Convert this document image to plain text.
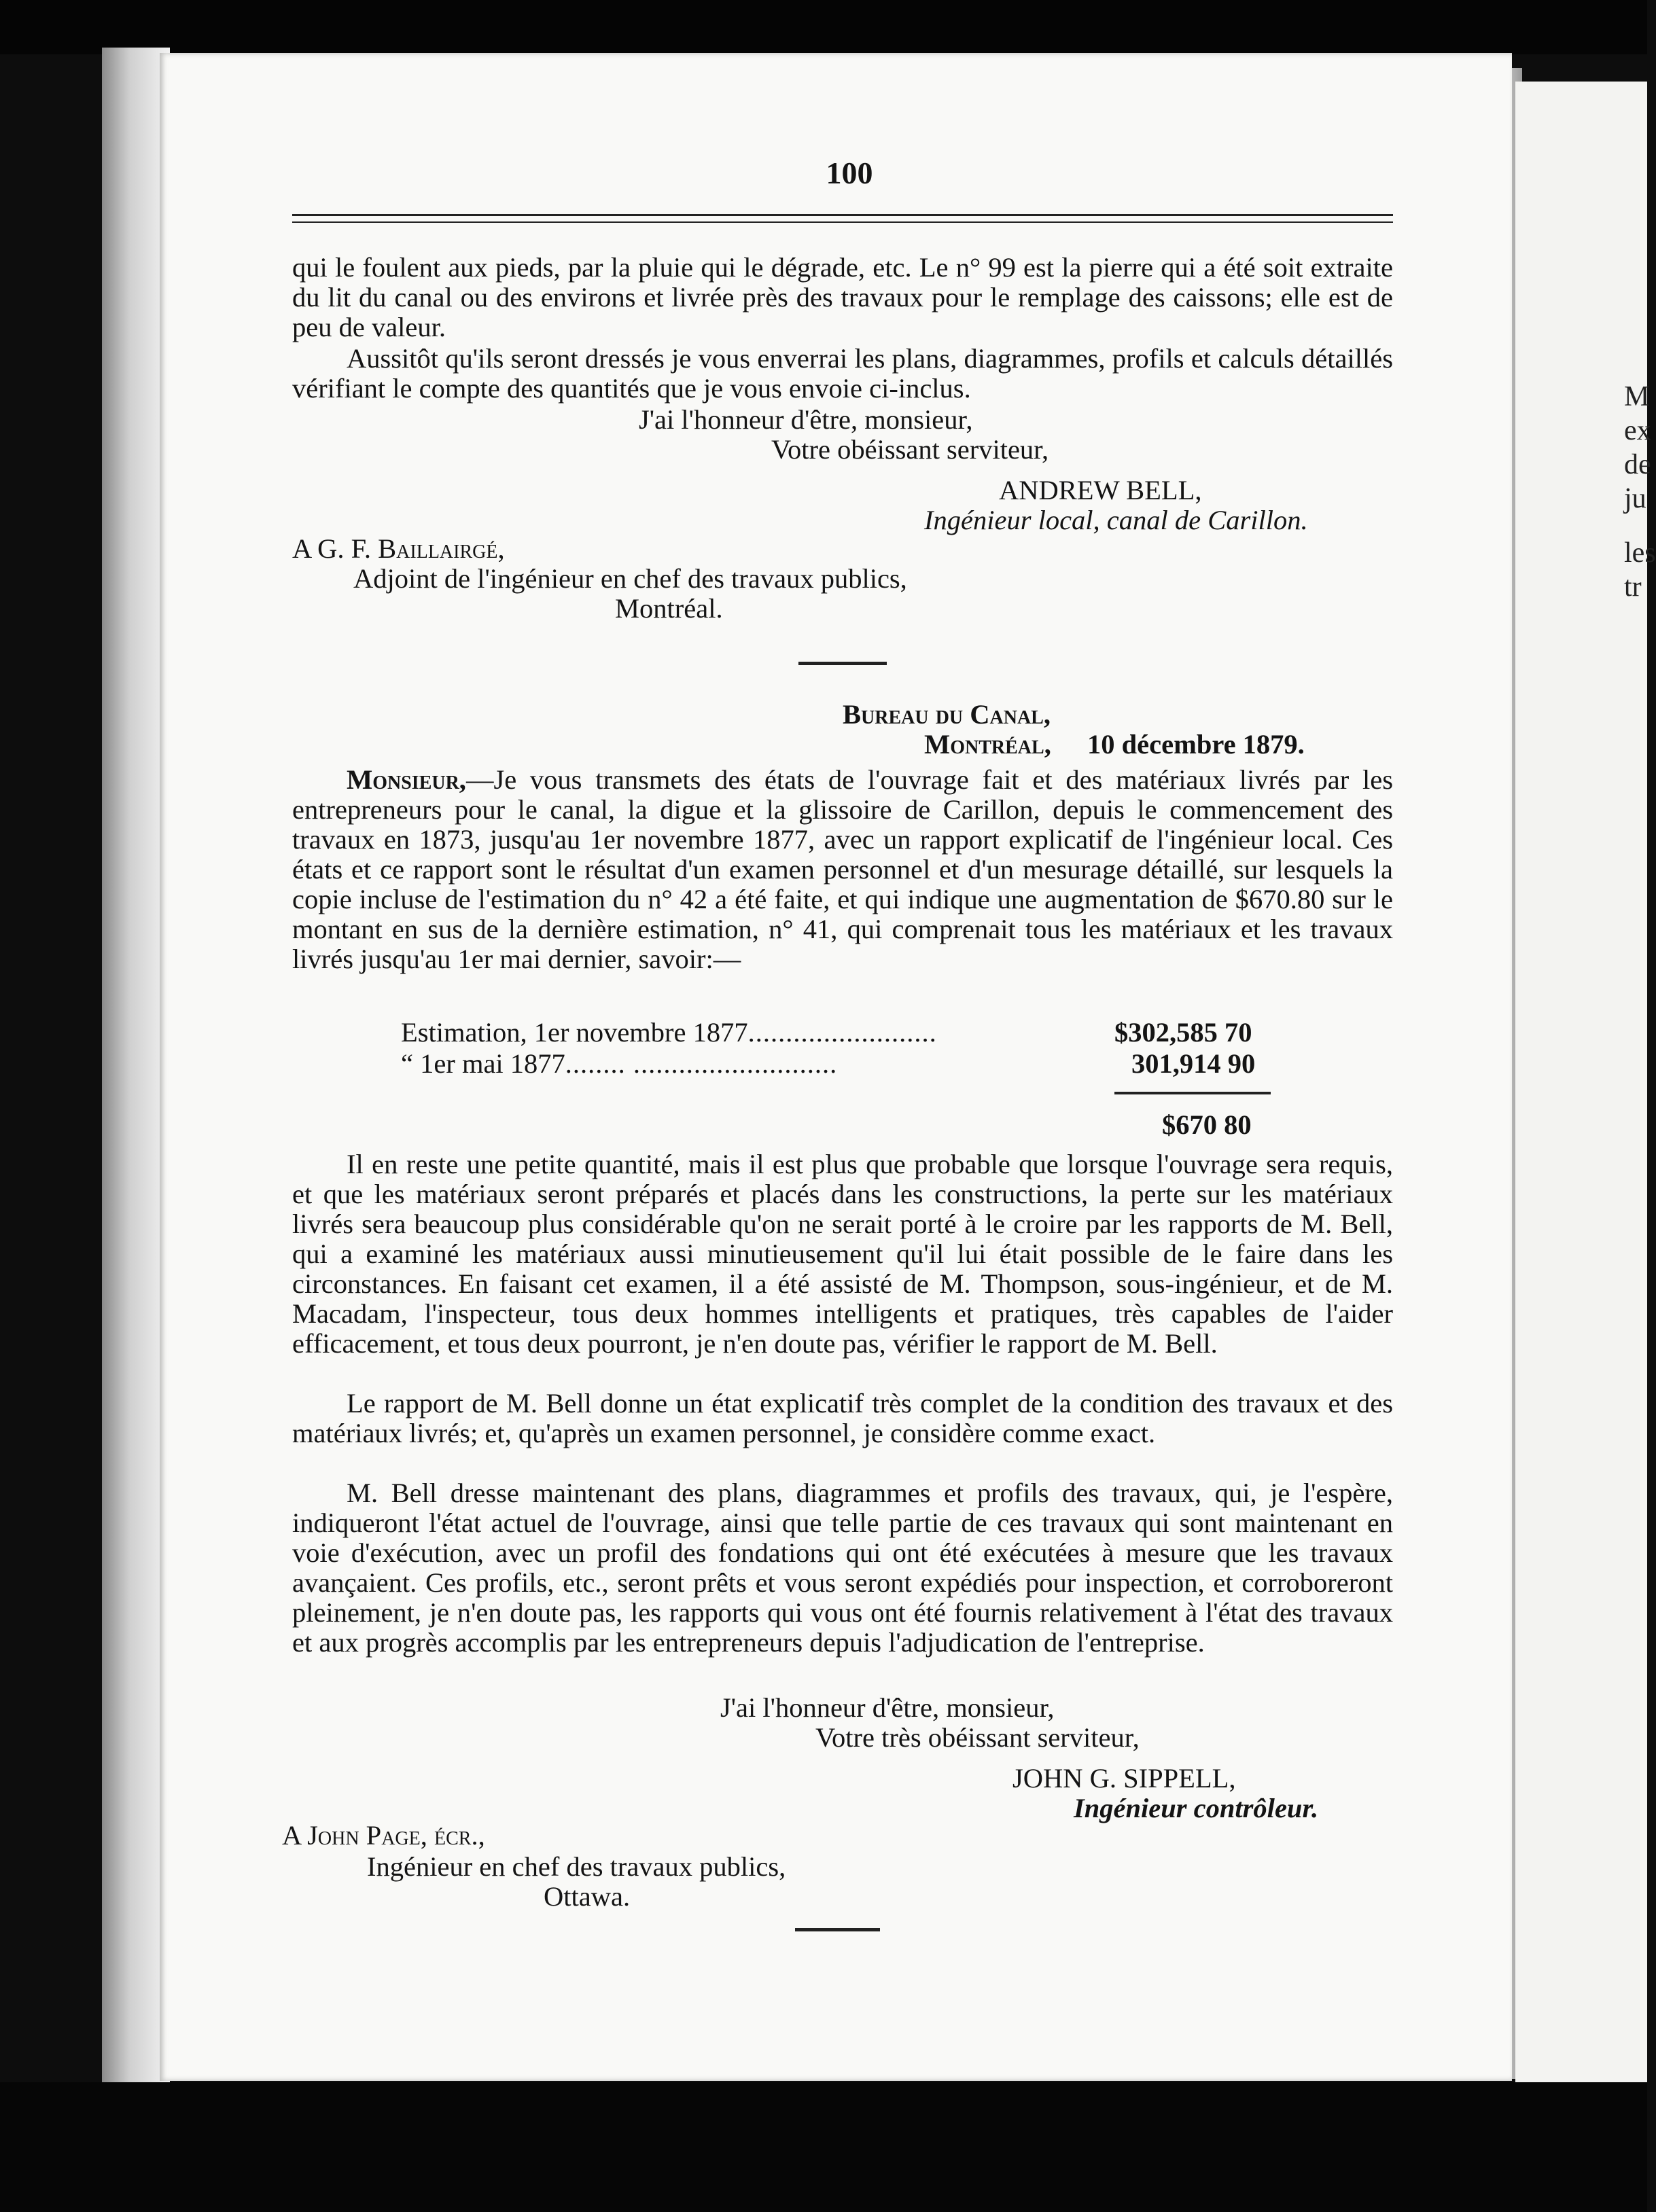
M
ex
de
ju
les
tr
100
qui le foulent aux pieds, par la pluie qui le dégrade, etc. Le n° 99 est la pierre qui a été soit extraite du lit du canal ou des environs et livrée près des travaux pour le remplage des caissons; elle est de peu de valeur.
Aussitôt qu'ils seront dressés je vous enverrai les plans, diagrammes, profils et calculs détaillés vérifiant le compte des quantités que je vous envoie ci-inclus.
J'ai l'honneur d'être, monsieur,
Votre obéissant serviteur,
ANDREW BELL,
Ingénieur local, canal de Carillon.
A G. F. Baillairgé,
Adjoint de l'ingénieur en chef des travaux publics,
Montréal.
Bureau du Canal,
Montréal, 10 décembre 1879.
Monsieur,—Je vous transmets des états de l'ouvrage fait et des matériaux livrés par les entrepreneurs pour le canal, la digue et la glissoire de Carillon, depuis le commencement des travaux en 1873, jusqu'au 1er novembre 1877, avec un rapport explicatif de l'ingénieur local. Ces états et ce rapport sont le résultat d'un examen personnel et d'un mesurage détaillé, sur lesquels la copie incluse de l'estimation du n° 42 a été faite, et qui indique une augmentation de $670.80 sur le montant en sus de la dernière estimation, n° 41, qui comprenait tous les matériaux et les travaux livrés jusqu'au 1er mai dernier, savoir:—
Estimation, 1er novembre 1877.........................	$302,585 70
“ 1er mai 1877........ ...........................	301,914 90
$670 80
Il en reste une petite quantité, mais il est plus que probable que lorsque l'ouvrage sera requis, et que les matériaux seront préparés et placés dans les constructions, la perte sur les matériaux livrés sera beaucoup plus considérable qu'on ne serait porté à le croire par les rapports de M. Bell, qui a examiné les matériaux aussi minutieusement qu'il lui était possible de le faire dans les circonstances. En faisant cet examen, il a été assisté de M. Thompson, sous-ingénieur, et de M. Macadam, l'inspecteur, tous deux hommes intelligents et pratiques, très capables de l'aider efficacement, et tous deux pourront, je n'en doute pas, vérifier le rapport de M. Bell.
Le rapport de M. Bell donne un état explicatif très complet de la condition des travaux et des matériaux livrés; et, qu'après un examen personnel, je considère comme exact.
M. Bell dresse maintenant des plans, diagrammes et profils des travaux, qui, je l'espère, indiqueront l'état actuel de l'ouvrage, ainsi que telle partie de ces travaux qui sont maintenant en voie d'exécution, avec un profil des fondations qui ont été exécutées à mesure que les travaux avançaient. Ces profils, etc., seront prêts et vous seront expédiés pour inspection, et corroboreront pleinement, je n'en doute pas, les rapports qui vous ont été fournis relativement à l'état des travaux et aux progrès accomplis par les entrepreneurs depuis l'adjudication de l'entreprise.
J'ai l'honneur d'être, monsieur,
Votre très obéissant serviteur,
JOHN G. SIPPELL,
Ingénieur contrôleur.
A John Page, écr.,
Ingénieur en chef des travaux publics,
Ottawa.
